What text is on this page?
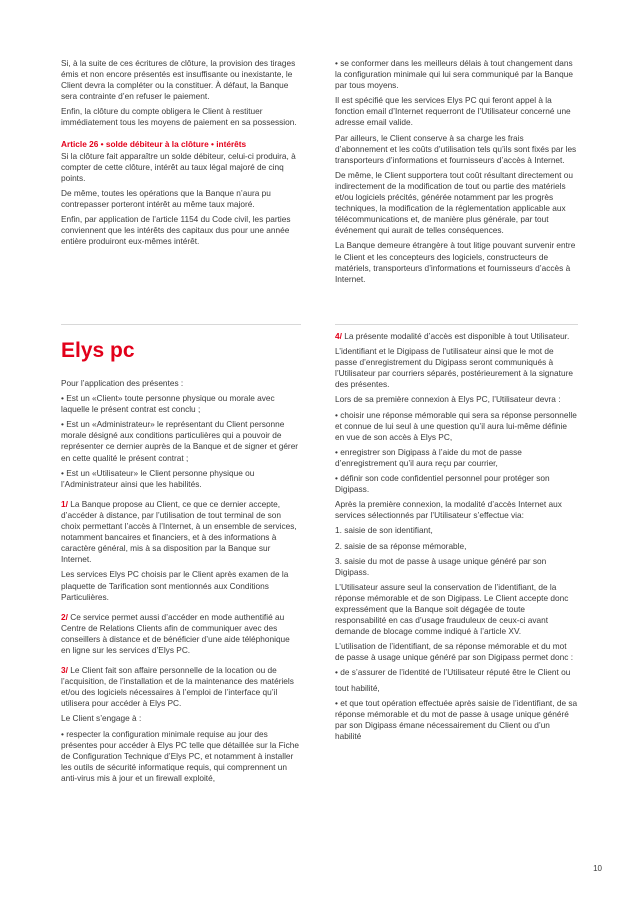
Si, à la suite de ces écritures de clôture, la provision des tirages émis et non encore présentés est insuffisante ou inexistante, le Client devra la compléter ou la constituer. À défaut, la Banque sera contrainte d’en refuser le paiement.

Enfin, la clôture du compte obligera le Client à restituer immédiatement tous les moyens de paiement en sa possession.

Article 26 • solde débiteur à la clôture • intérêts

Si la clôture fait apparaître un solde débiteur, celui-ci produira, à compter de cette clôture, intérêt au taux légal majoré de cinq points.

De même, toutes les opérations que la Banque n’aura pu contrepasser porteront intérêt au même taux majoré.

Enfin, par application de l’article 1154 du Code civil, les parties conviennent que les intérêts des capitaux dus pour une année entière produiront eux-mêmes intérêt.

• se conformer dans les meilleurs délais à tout changement dans la configuration minimale qui lui sera communiqué par la Banque par tous moyens.

Il est spécifié que les services Elys PC qui feront appel à la fonction email d’Internet requerront de l’Utilisateur concerné une adresse email valide.

Par ailleurs, le Client conserve à sa charge les frais d’abonnement et les coûts d’utilisation tels qu’ils sont fixés par les transporteurs d’informations et fournisseurs d’accès à Internet.

De même, le Client supportera tout coût résultant directement ou indirectement de la modification de tout ou partie des matériels et/ou logiciels précités, générée notamment par les progrès techniques, la modification de la réglementation applicable aux télécommunications et, de manière plus générale, par tout événement qui aurait de telles conséquences.

La Banque demeure étrangère à tout litige pouvant survenir entre le Client et les concepteurs des logiciels, constructeurs de matériels, transporteurs d’informations et fournisseurs d’accès à Internet.

Elys pc

Pour l’application des présentes :

• Est un «Client» toute personne physique ou morale avec laquelle le présent contrat est conclu ;

• Est un «Administrateur» le représentant du Client personne morale désigné aux conditions particulières qui a pouvoir de représenter ce dernier auprès de la Banque et de signer et gérer en cette qualité le présent contrat ;

• Est un «Utilisateur» le Client personne physique ou l’Administrateur ainsi que les habilités.

1/ La Banque propose au Client, ce que ce dernier accepte, d’accéder à distance, par l’utilisation de tout terminal de son choix permettant l’accès à l’Internet, à un ensemble de services, notamment bancaires et financiers, et à des informations à caractère général, mis à sa disposition par la Banque sur Internet.

Les services Elys PC choisis par le Client après examen de la plaquette de Tarification sont mentionnés aux Conditions Particulières.

2/ Ce service permet aussi d’accéder en mode authentifié au Centre de Relations Clients afin de communiquer avec des conseillers à distance et de bénéficier d’une aide téléphonique en ligne sur les services d’Elys PC.

3/ Le Client fait son affaire personnelle de la location ou de l’acquisition, de l’installation et de la maintenance des matériels et/ou des logiciels nécessaires à l’emploi de l’interface qu’il utilisera pour accéder à Elys PC.

Le Client s’engage à :

• respecter la configuration minimale requise au jour des présentes pour accéder à Elys PC telle que détaillée sur la Fiche de Configuration Technique d’Elys PC, et notamment à installer les outils de sécurité informatique requis, qui comprennent un anti-virus mis à jour et un firewall exploité,

4/ La présente modalité d’accès est disponible à tout Utilisateur.

L’identifiant et le Digipass de l’utilisateur ainsi que le mot de passe d’enregistrement du Digipass seront communiqués à l’Utilisateur par courriers séparés, postérieurement à la signature des présentes.

Lors de sa première connexion à Elys PC, l’Utilisateur devra :

• choisir une réponse mémorable qui sera sa réponse personnelle et connue de lui seul à une question qu’il aura lui-même définie en vue de son accès à Elys PC,

• enregistrer son Digipass à l’aide du mot de passe d’enregistrement qu’il aura reçu par courrier,

• définir son code confidentiel personnel pour protéger son Digipass.

Après la première connexion, la modalité d’accès Internet aux services sélectionnés par l’Utilisateur s’effectue via:

1. saisie de son identifiant,

2. saisie de sa réponse mémorable,

3. saisie du mot de passe à usage unique généré par son Digipass.

L’Utilisateur assure seul la conservation de l’identifiant, de la réponse mémorable et de son Digipass. Le Client accepte donc expressément que la Banque soit dégagée de toute responsabilité en cas d’usage frauduleux de ceux-ci avant demande de blocage comme indiqué à l’article XV.

L’utilisation de l’identifiant, de sa réponse mémorable et du mot de passe à usage unique généré par son Digipass permet donc :

• de s’assurer de l’identité de l’Utilisateur réputé être le Client ou

tout habilité,

• et que tout opération effectuée après saisie de l’identifiant, de sa réponse mémorable et du mot de passe à usage unique généré par son Digipass émane nécessairement du Client ou d’un habilité

10
